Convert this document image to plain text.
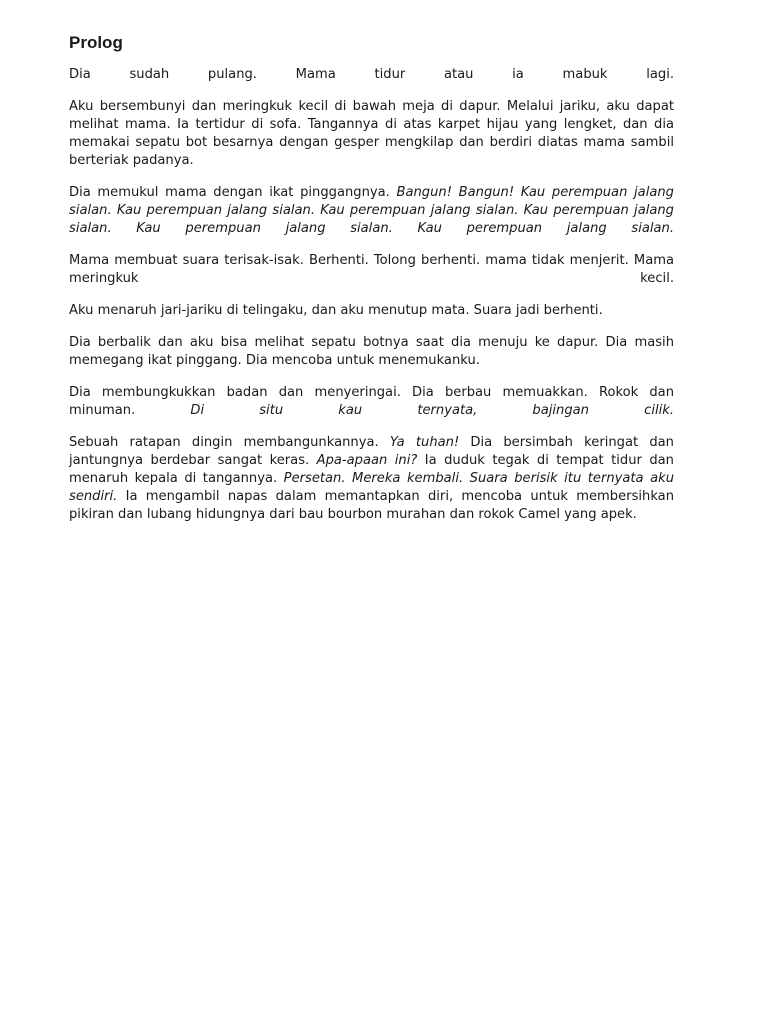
Prolog

Dia sudah pulang. Mama tidur atau ia mabuk lagi.

Aku bersembunyi dan meringkuk kecil di bawah meja di dapur. Melalui jariku, aku dapat melihat mama. Ia tertidur di sofa. Tangannya di atas karpet hijau yang lengket, dan dia memakai sepatu bot besarnya dengan gesper mengkilap dan berdiri diatas mama sambil berteriak padanya.

Dia memukul mama dengan ikat pinggangnya. Bangun! Bangun! Kau perempuan jalang sialan. Kau perempuan jalang sialan. Kau perempuan jalang sialan. Kau perempuan jalang sialan. Kau perempuan jalang sialan. Kau perempuan jalang sialan.

Mama membuat suara terisak-isak. Berhenti. Tolong berhenti. mama tidak menjerit. Mama meringkuk kecil.

Aku menaruh jari-jariku di telingaku, dan aku menutup mata. Suara jadi berhenti.

Dia berbalik dan aku bisa melihat sepatu botnya saat dia menuju ke dapur. Dia masih memegang ikat pinggang. Dia mencoba untuk menemukanku.

Dia membungkukkan badan dan menyeringai. Dia berbau memuakkan. Rokok dan minuman. Di situ kau ternyata, bajingan cilik.

Sebuah ratapan dingin membangunkannya. Ya tuhan! Dia bersimbah keringat dan jantungnya berdebar sangat keras. Apa-apaan ini? Ia duduk tegak di tempat tidur dan menaruh kepala di tangannya. Persetan. Mereka kembali. Suara berisik itu ternyata aku sendiri. Ia mengambil napas dalam memantapkan diri, mencoba untuk membersihkan pikiran dan lubang hidungnya dari bau bourbon murahan dan rokok Camel yang apek.
